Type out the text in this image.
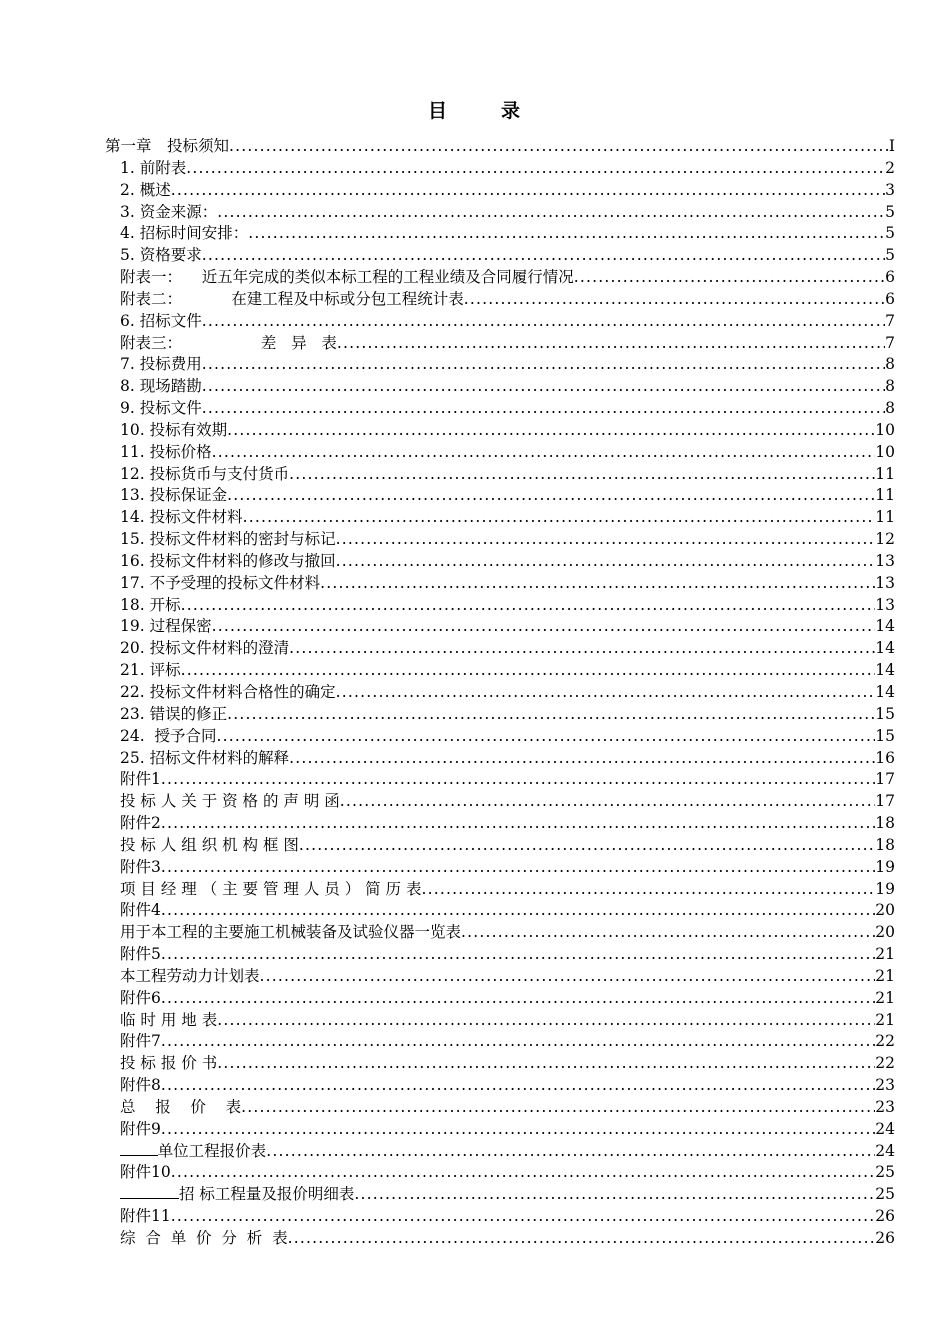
目	录
第一章　投标须知 .....	I
1. 前附表 .....	2
2. 概述 .....	3
3. 资金来源： .....	5
4. 招标时间安排： .....	5
5. 资格要求 .....	5
附表一：    近五年完成的类似本标工程的工程业绩及合同履行情况 .....	6
附表二：          在建工程及中标或分包工程统计表 .....	6
6. 招标文件 .....	7
附表三：                差   异   表 .....	7
7. 投标费用 .....	8
8. 现场踏勘 .....	8
9. 投标文件 .....	8
10. 投标有效期 .....	10
11. 投标价格 .....	10
12. 投标货币与支付货币 .....	11
13. 投标保证金 .....	11
14. 投标文件材料 .....	11
15. 投标文件材料的密封与标记 .....	12
16. 投标文件材料的修改与撤回 .....	13
17. 不予受理的投标文件材料 .....	13
18. 开标 .....	13
19. 过程保密 .....	14
20. 投标文件材料的澄清 .....	14
21. 评标 .....	14
22. 投标文件材料合格性的确定 .....	14
23. 错误的修正 .....	15
24.  授予合同 .....	15
25. 招标文件材料的解释 .....	16
附件1 .....	17
投 标 人 关 于 资 格 的 声 明 函 .....	17
附件2 .....	18
投 标 人 组 织 机 构 框 图 .....	18
附件3 .....	19
项 目 经 理 （ 主 要 管 理 人 员 ） 简 历 表 .....	19
附件4 .....	20
用于本工程的主要施工机械装备及试验仪器一览表 .....	20
附件5 .....	21
本工程劳动力计划表 .....	21
附件6 .....	21
临 时 用 地 表 .....	21
附件7 .....	22
投 标 报 价 书 .....	22
附件8 .....	23
总    报    价    表 .....	23
附件9 .....	24
单位工程报价表 .....	24
附件10 .....	25
招 标工程量及报价明细表 .....	25
附件11 .....	26
综  合  单  价  分  析  表 .....	26
